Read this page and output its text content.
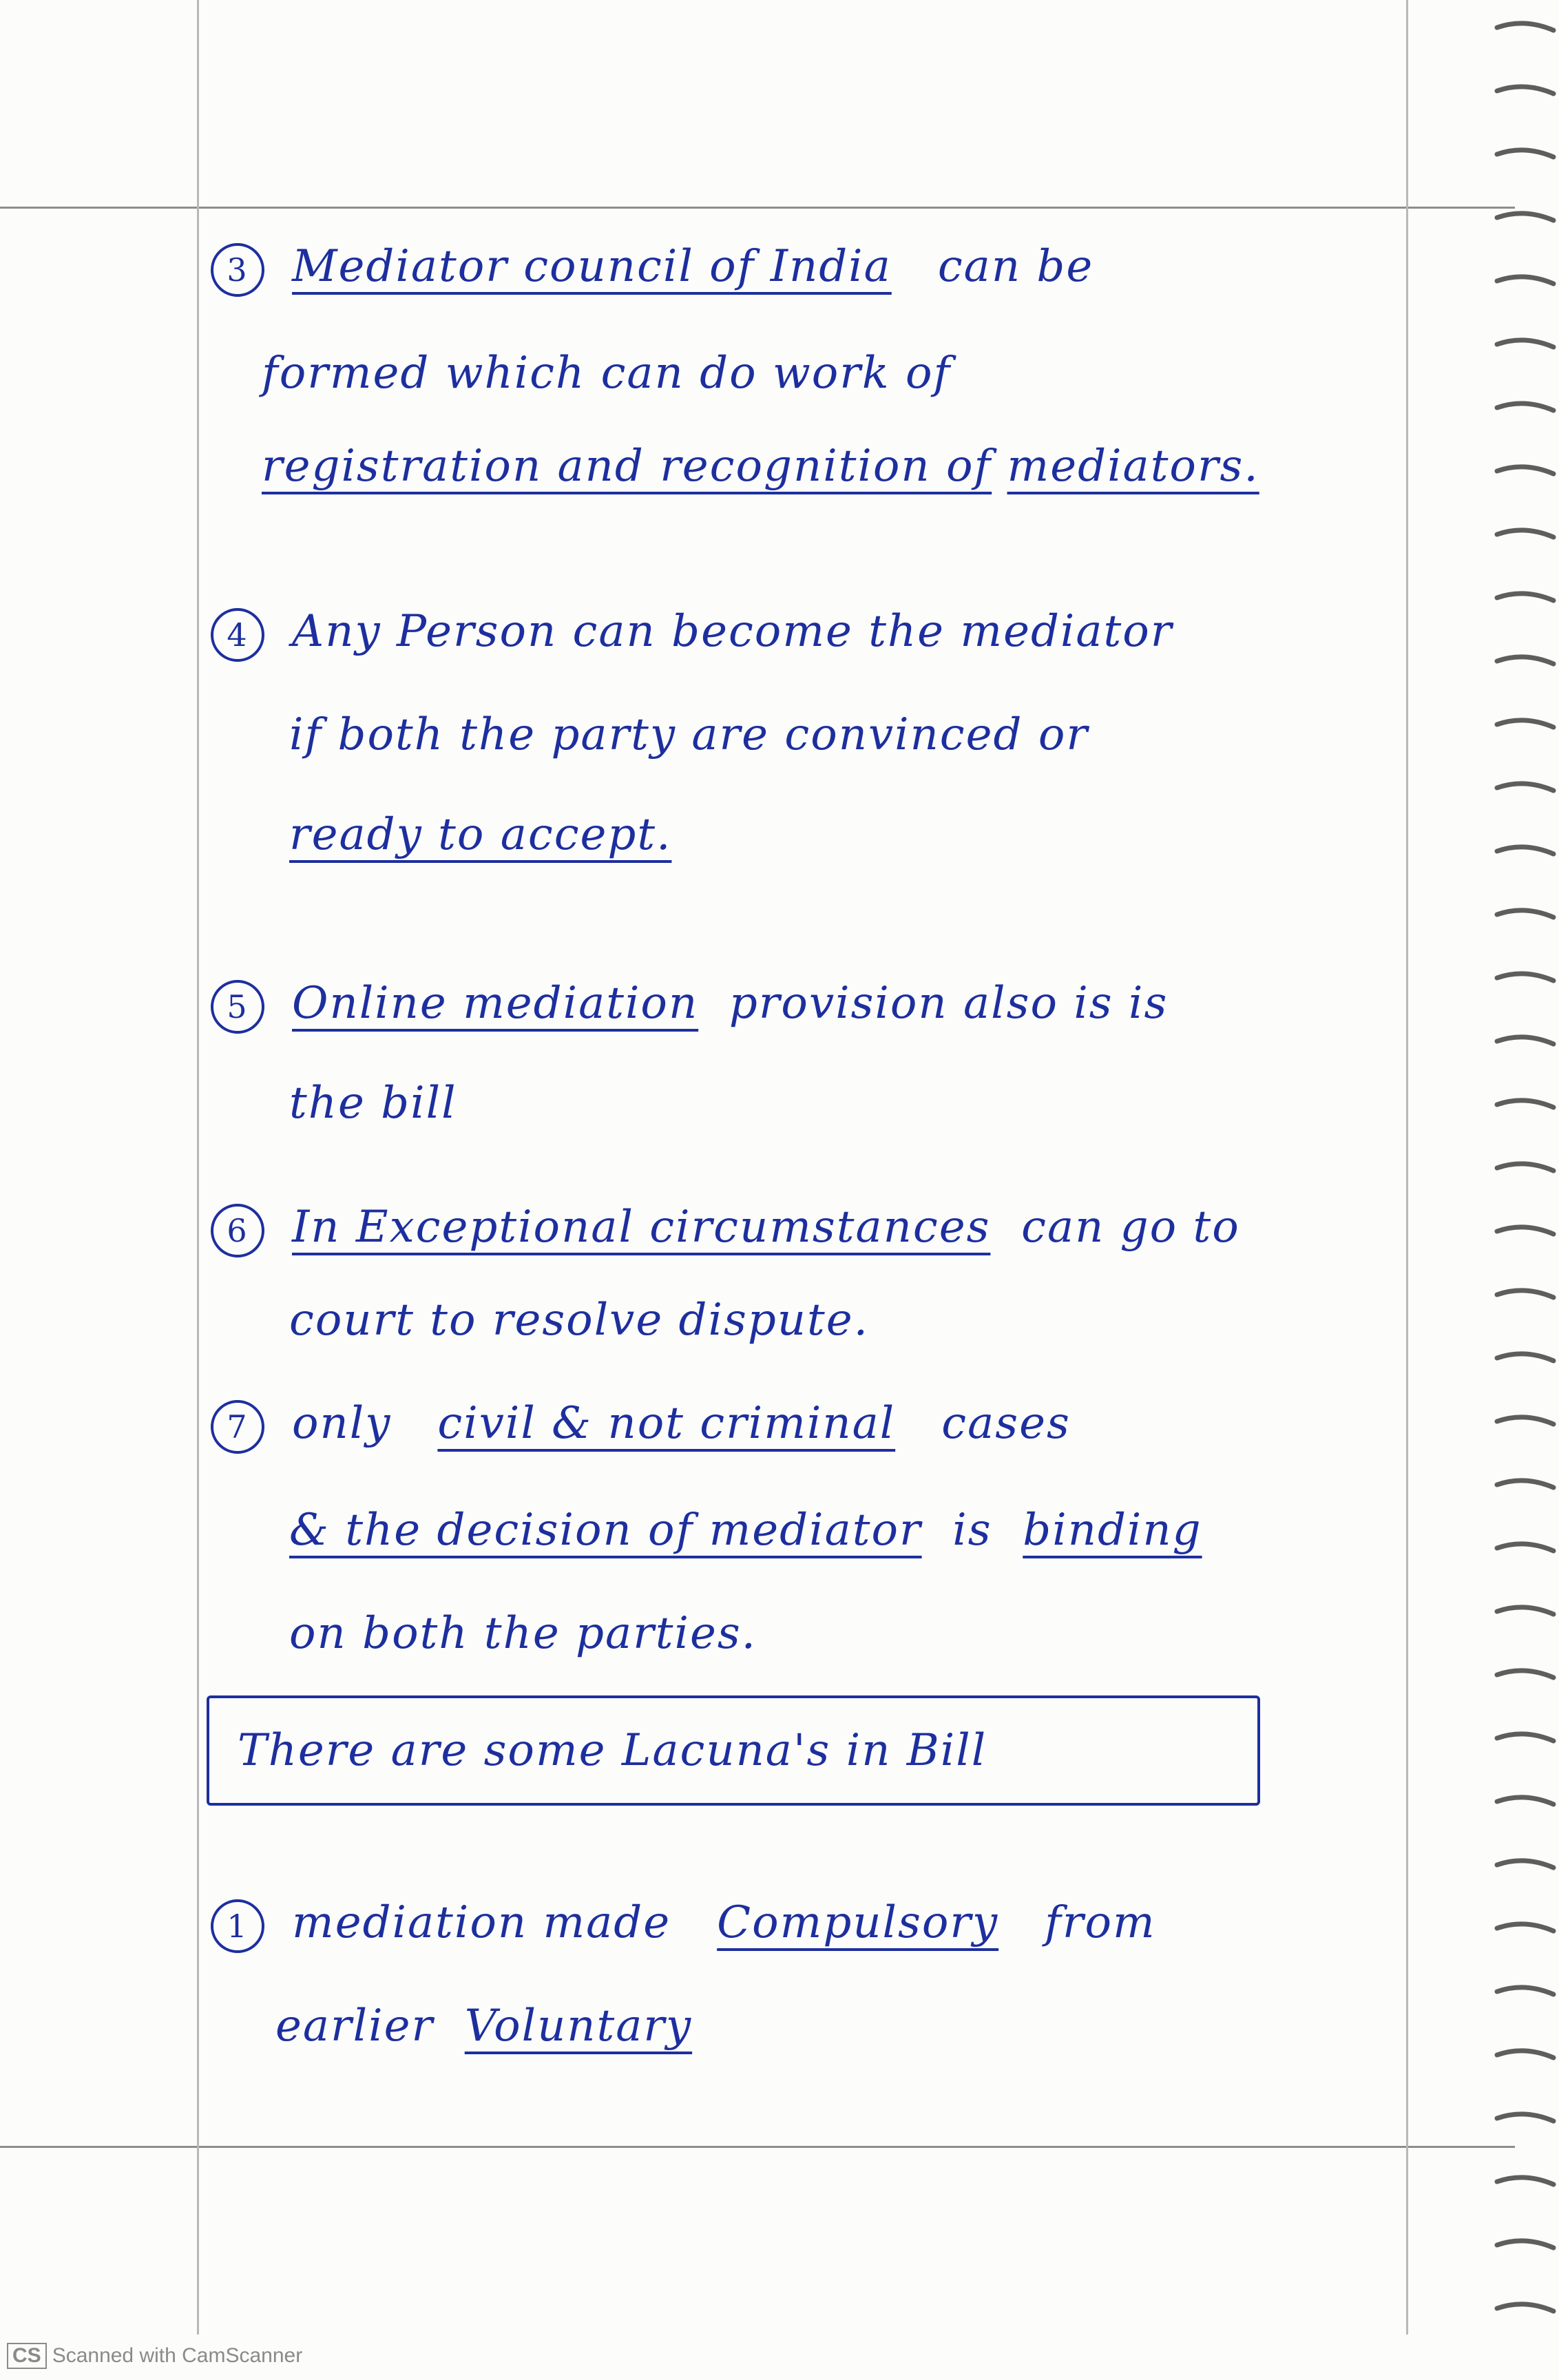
3 Mediator council of India can be
formed which can do work of
registration and recognition of mediators.
4 Any Person can become the mediator
if both the party are convinced or
ready to accept.
5 Online mediation provision also is is
the bill
6 In Exceptional circumstances can go to
court to resolve dispute.
7 only civil & not criminal cases
& the decision of mediator is binding
on both the parties.
There are some Lacuna's in Bill
1 mediation made Compulsory from
earlier Voluntary
CS Scanned with CamScanner
